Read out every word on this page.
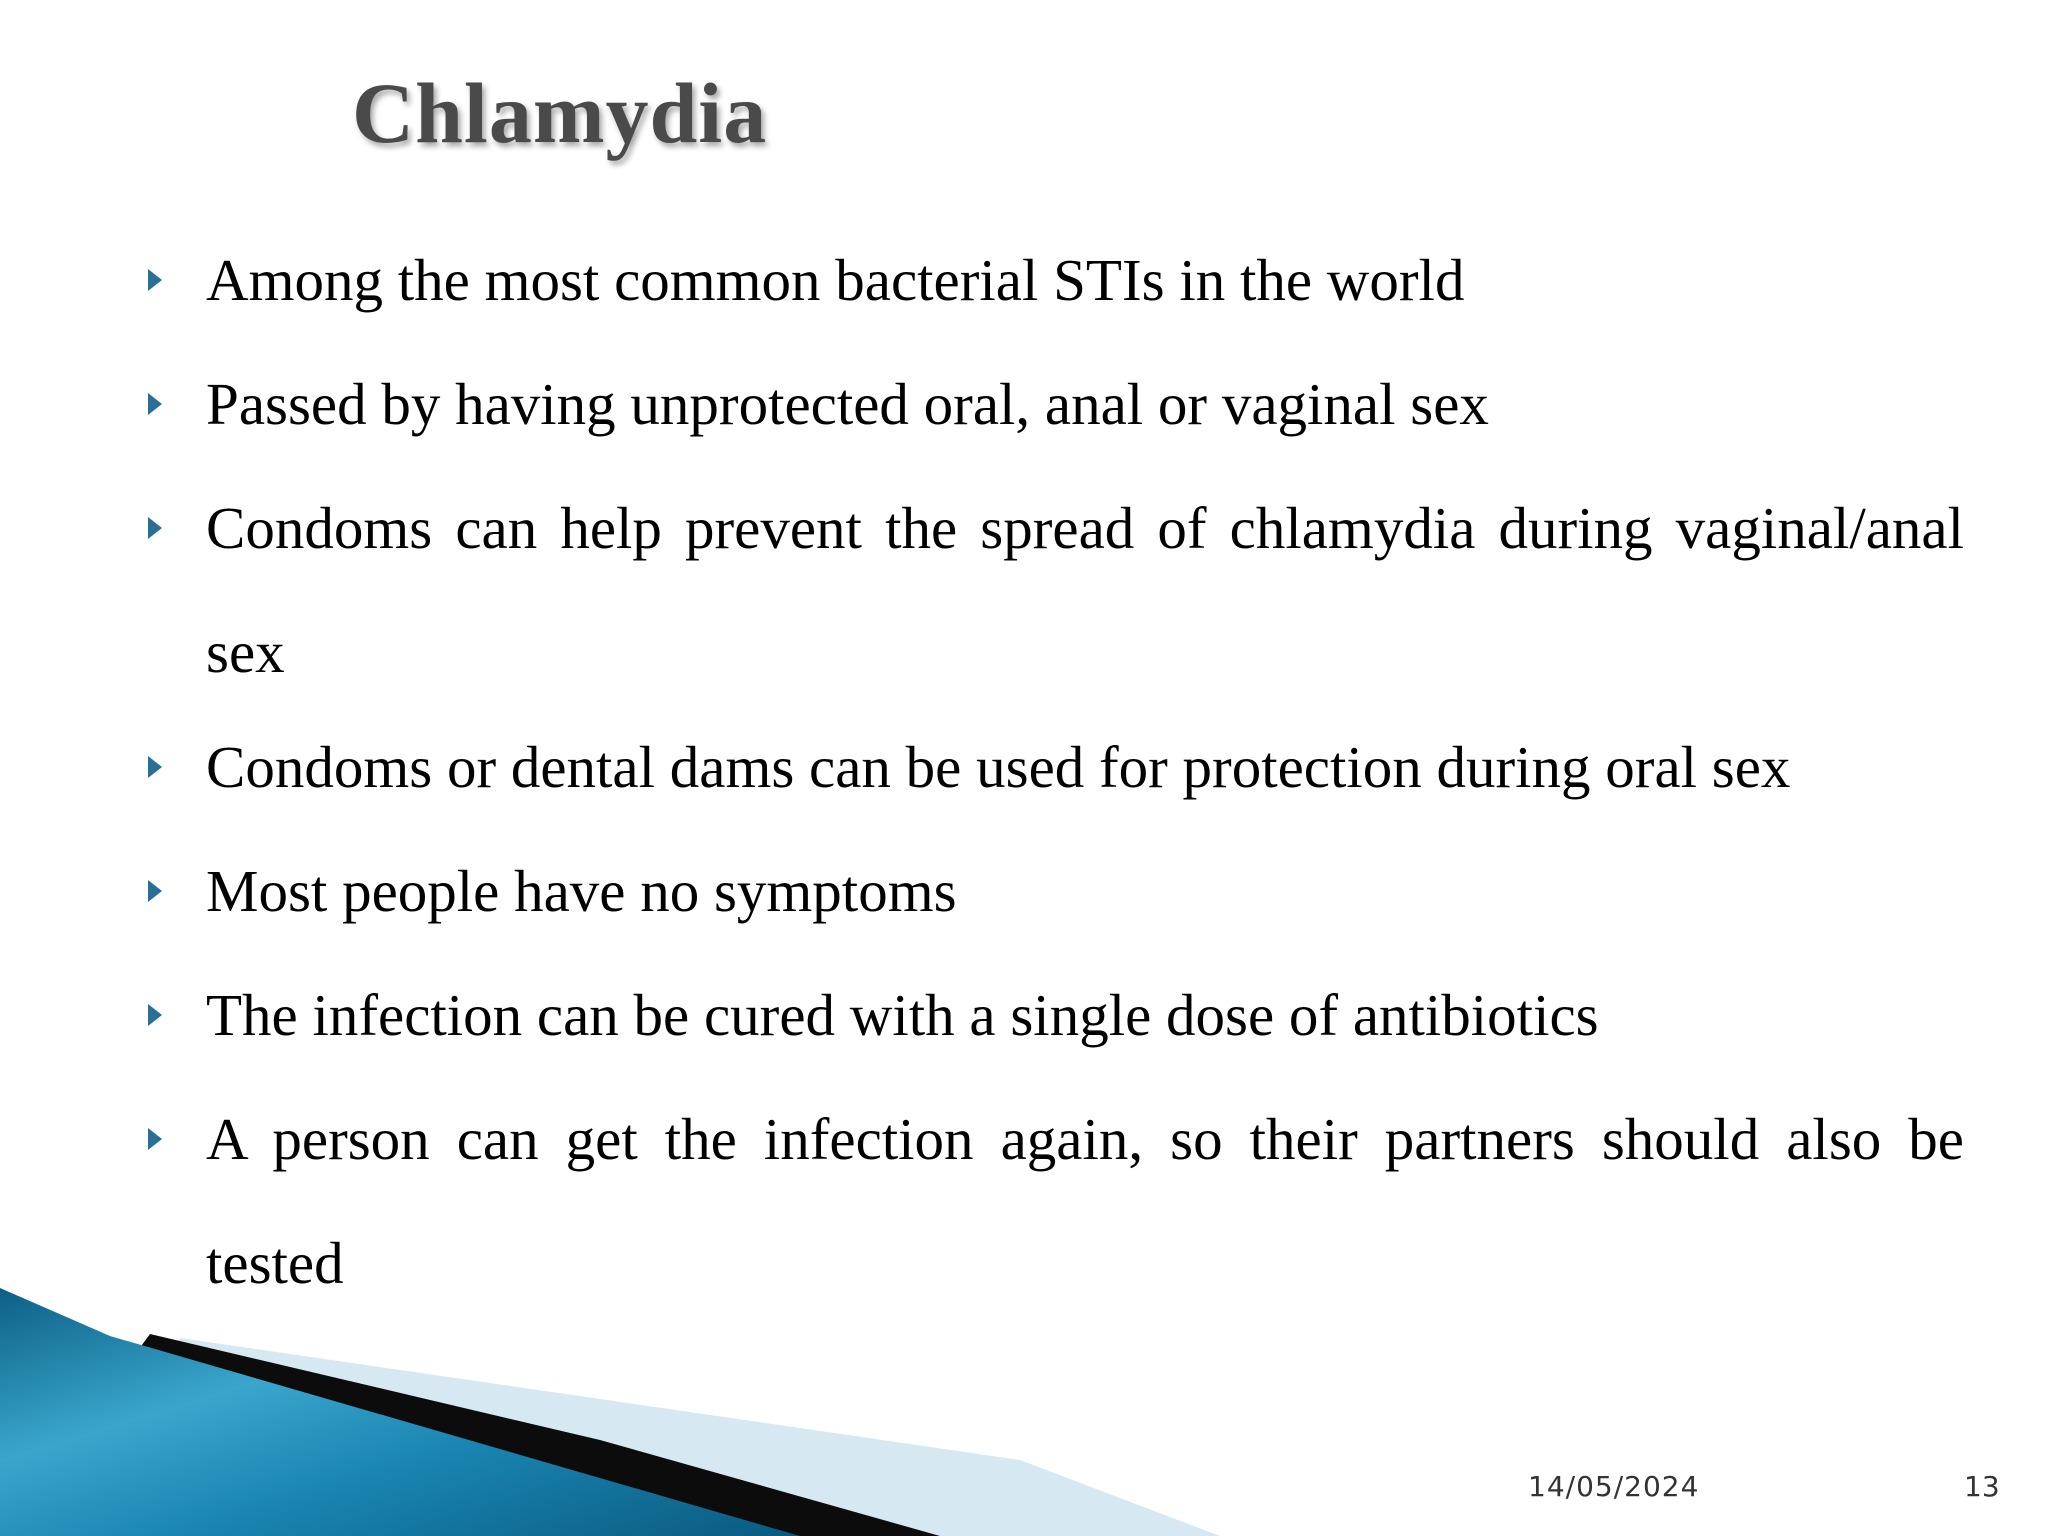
Chlamydia
Among the most common bacterial STIs in the world
Passed by having unprotected oral, anal or vaginal sex
Condoms can help prevent the spread of chlamydia during vaginal/anal sex
Condoms or dental dams can be used for protection during oral sex
Most people have no symptoms
The infection can be cured with a single dose of antibiotics
A person can get the infection again, so their partners should also be tested
14/05/2024	13
